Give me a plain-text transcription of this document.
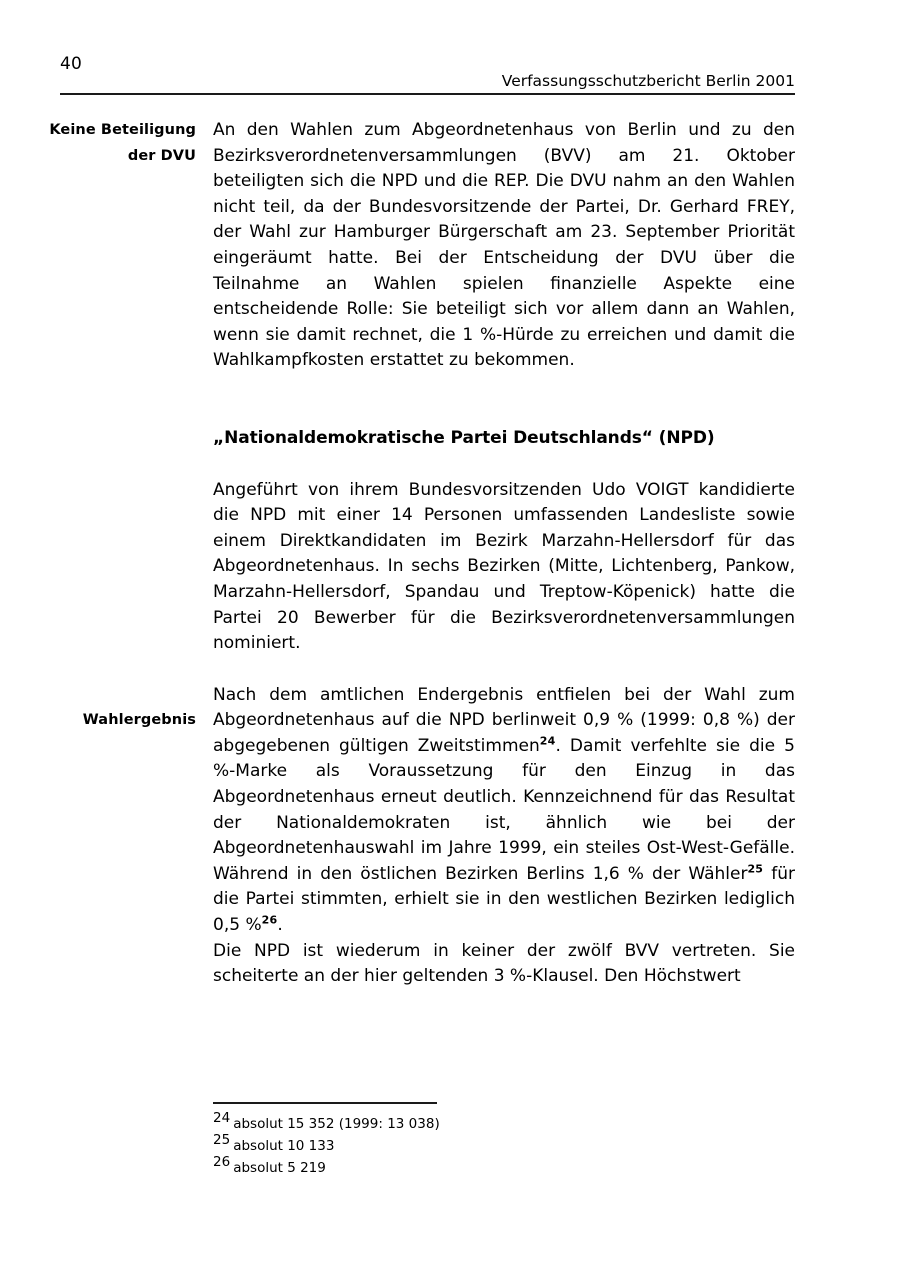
40
Verfassungsschutzbericht Berlin 2001
Keine Beteiligung
der DVU

An den Wahlen zum Abgeordnetenhaus von Berlin und zu den Bezirksverordnetenversammlungen (BVV) am 21. Oktober beteiligten sich die NPD und die REP. Die DVU nahm an den Wahlen nicht teil, da der Bundesvorsitzende der Partei, Dr. Gerhard FREY, der Wahl zur Hamburger Bürgerschaft am 23. September Priorität eingeräumt hatte. Bei der Entscheidung der DVU über die Teilnahme an Wahlen spielen finanzielle Aspekte eine entscheidende Rolle: Sie beteiligt sich vor allem dann an Wahlen, wenn sie damit rechnet, die 1 %-Hürde zu erreichen und damit die Wahlkampfkosten erstattet zu bekommen.

„Nationaldemokratische Partei Deutschlands“ (NPD)

Angeführt von ihrem Bundesvorsitzenden Udo VOIGT kandidierte die NPD mit einer 14 Personen umfassenden Landesliste sowie einem Direktkandidaten im Bezirk Marzahn-Hellersdorf für das Abgeordnetenhaus. In sechs Bezirken (Mitte, Lichtenberg, Pankow, Marzahn-Hellersdorf, Spandau und Treptow-Köpenick) hatte die Partei 20 Bewerber für die Bezirksverordnetenversammlungen nominiert.

Wahlergebnis

Nach dem amtlichen Endergebnis entfielen bei der Wahl zum Abgeordnetenhaus auf die NPD berlinweit 0,9 % (1999: 0,8 %) der abgegebenen gültigen Zweitstimmen$^{24}$. Damit verfehlte sie die 5 %-Marke als Voraussetzung für den Einzug in das Abgeordnetenhaus erneut deutlich. Kennzeichnend für das Resultat der Nationaldemokraten ist, ähnlich wie bei der Abgeordnetenhauswahl im Jahre 1999, ein steiles Ost-West-Gefälle. Während in den östlichen Bezirken Berlins 1,6 % der Wähler$^{25}$ für die Partei stimmten, erhielt sie in den westlichen Bezirken lediglich 0,5 %$^{26}$.

Die NPD ist wiederum in keiner der zwölf BVV vertreten. Sie scheiterte an der hier geltenden 3 %-Klausel. Den Höchstwert

24 absolut 15 352 (1999: 13 038)
25 absolut 10 133
26 absolut 5 219
